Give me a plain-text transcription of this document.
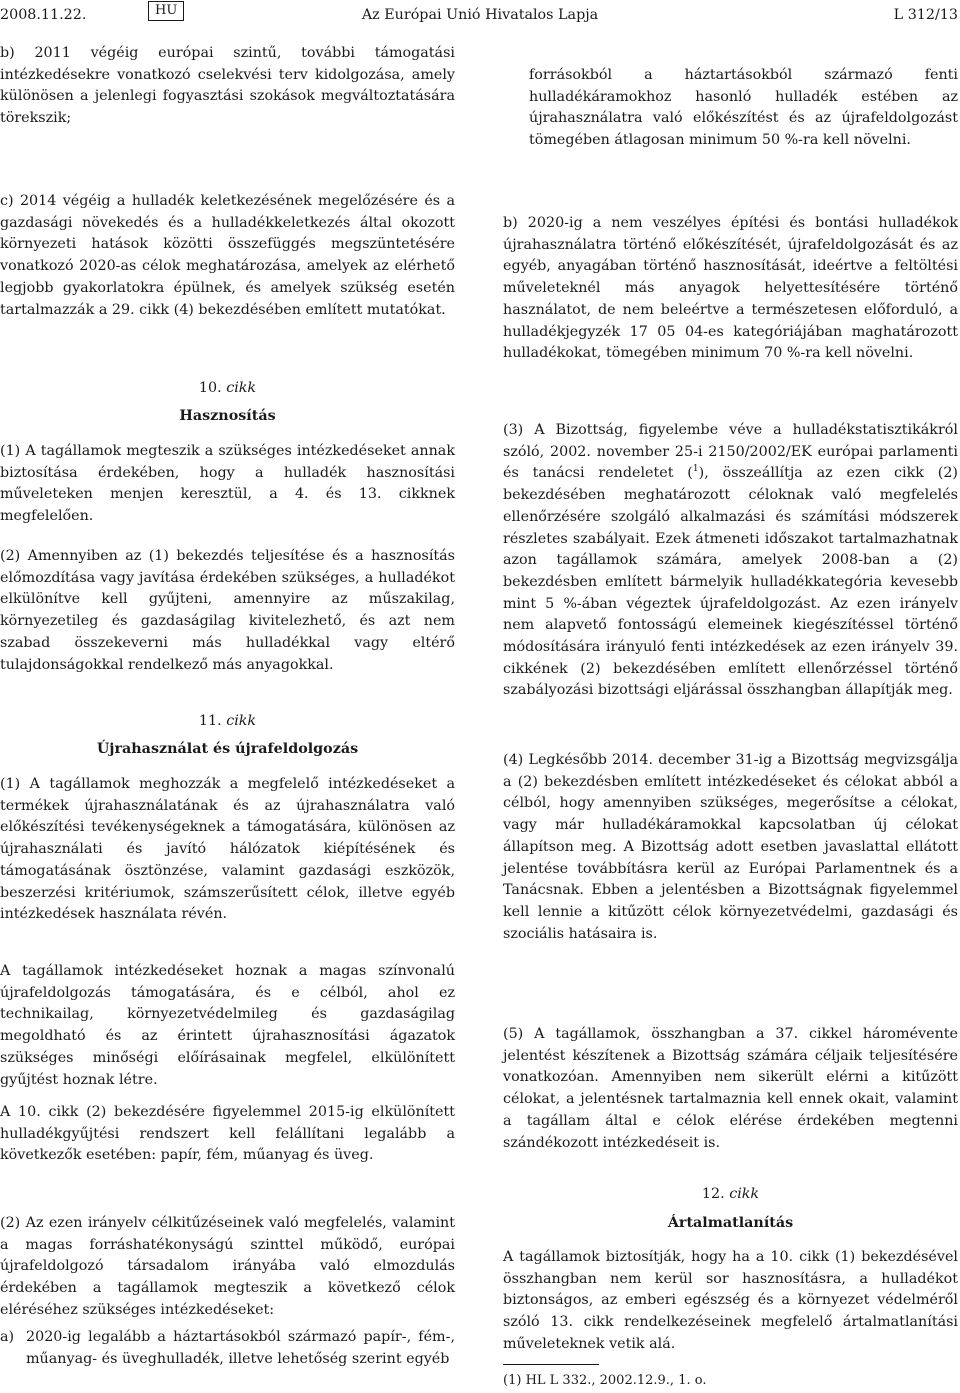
2008.11.22.	HU	Az Európai Unió Hivatalos Lapja	L 312/13

b) 2011 végéig európai szintű, további támogatási intézkedésekre vonatkozó cselekvési terv kidolgozása, amely különösen a jelenlegi fogyasztási szokások megváltoztatására törekszik;

c) 2014 végéig a hulladék keletkezésének megelőzésére és a gazdasági növekedés és a hulladékkeletkezés által okozott környezeti hatások közötti összefüggés megszüntetésére vonatkozó 2020-as célok meghatározása, amelyek az elérhető legjobb gyakorlatokra épülnek, és amelyek szükség esetén tartalmazzák a 29. cikk (4) bekezdésében említett mutatókat.

10. cikk
Hasznosítás

(1) A tagállamok megteszik a szükséges intézkedéseket annak biztosítása érdekében, hogy a hulladék hasznosítási műveleteken menjen keresztül, a 4. és 13. cikknek megfelelően.

(2) Amennyiben az (1) bekezdés teljesítése és a hasznosítás előmozdítása vagy javítása érdekében szükséges, a hulladékot elkülönítve kell gyűjteni, amennyire az műszakilag, környezetileg és gazdaságilag kivitelezhető, és azt nem szabad összekeverni más hulladékkal vagy eltérő tulajdonságokkal rendelkező más anyagokkal.

11. cikk
Újrahasználat és újrafeldolgozás

(1) A tagállamok meghozzák a megfelelő intézkedéseket a termékek újrahasználatának és az újrahasználatra való előkészítési tevékenységeknek a támogatására, különösen az újrahasználati és javító hálózatok kiépítésének és támogatásának ösztönzése, valamint gazdasági eszközök, beszerzési kritériumok, számszerűsített célok, illetve egyéb intézkedések használata révén.

A tagállamok intézkedéseket hoznak a magas színvonalú újrafeldolgozás támogatására, és e célból, ahol ez technikailag, környezetvédelmileg és gazdaságilag megoldható és az érintett újrahasznosítási ágazatok szükséges minőségi előírásainak megfelel, elkülönített gyűjtést hoznak létre.

A 10. cikk (2) bekezdésére figyelemmel 2015-ig elkülönített hulladékgyűjtési rendszert kell felállítani legalább a következők esetében: papír, fém, műanyag és üveg.

(2) Az ezen irányelv célkitűzéseinek való megfelelés, valamint a magas forráshatékonyságú szinttel működő, európai újrafeldolgozó társadalom irányába való elmozdulás érdekében a tagállamok megteszik a következő célok eléréséhez szükséges intézkedéseket:

a) 2020-ig legalább a háztartásokból származó papír-, fém-, műanyag- és üveghulladék, illetve lehetőség szerint egyéb

forrásokból a háztartásokból származó fenti hulladékáramokhoz hasonló hulladék estében az újrahasználatra való előkészítést és az újrafeldolgozást tömegében átlagosan minimum 50 %-ra kell növelni.

b) 2020-ig a nem veszélyes építési és bontási hulladékok újrahasználatra történő előkészítését, újrafeldolgozását és az egyéb, anyagában történő hasznosítását, ideértve a feltöltési műveleteknél más anyagok helyettesítésére történő használatot, de nem beleértve a természetesen előforduló, a hulladékjegyzék 17 05 04-es kategóriájában maghatározott hulladékokat, tömegében minimum 70 %-ra kell növelni.

(3) A Bizottság, figyelembe véve a hulladékstatisztikákról szóló, 2002. november 25-i 2150/2002/EK európai parlamenti és tanácsi rendeletet ($^1$), összeállítja az ezen cikk (2) bekezdésében meghatározott céloknak való megfelelés ellenőrzésére szolgáló alkalmazási és számítási módszerek részletes szabályait. Ezek átmeneti időszakot tartalmazhatnak azon tagállamok számára, amelyek 2008-ban a (2) bekezdésben említett bármelyik hulladékkategória kevesebb mint 5 %-ában végeztek újrafeldolgozást. Az ezen irányelv nem alapvető fontosságú elemeinek kiegészítéssel történő módosítására irányuló fenti intézkedések az ezen irányelv 39. cikkének (2) bekezdésében említett ellenőrzéssel történő szabályozási bizottsági eljárással összhangban állapítják meg.

(4) Legkésőbb 2014. december 31-ig a Bizottság megvizsgálja a (2) bekezdésben említett intézkedéseket és célokat abból a célból, hogy amennyiben szükséges, megerősítse a célokat, vagy már hulladékáramokkal kapcsolatban új célokat állapítson meg. A Bizottság adott esetben javaslattal ellátott jelentése továbbításra kerül az Európai Parlamentnek és a Tanácsnak. Ebben a jelentésben a Bizottságnak figyelemmel kell lennie a kitűzött célok környezetvédelmi, gazdasági és szociális hatásaira is.

(5) A tagállamok, összhangban a 37. cikkel háromévente jelentést készítenek a Bizottság számára céljaik teljesítésére vonatkozóan. Amennyiben nem sikerült elérni a kitűzött célokat, a jelentésnek tartalmaznia kell ennek okait, valamint a tagállam által e célok elérése érdekében megtenni szándékozott intézkedéseit is.

12. cikk
Ártalmatlanítás

A tagállamok biztosítják, hogy ha a 10. cikk (1) bekezdésével összhangban nem kerül sor hasznosításra, a hulladékot biztonságos, az emberi egészség és a környezet védelméről szóló 13. cikk rendelkezéseinek megfelelő ártalmatlanítási műveleteknek vetik alá.

(1) HL L 332., 2002.12.9., 1. o.
